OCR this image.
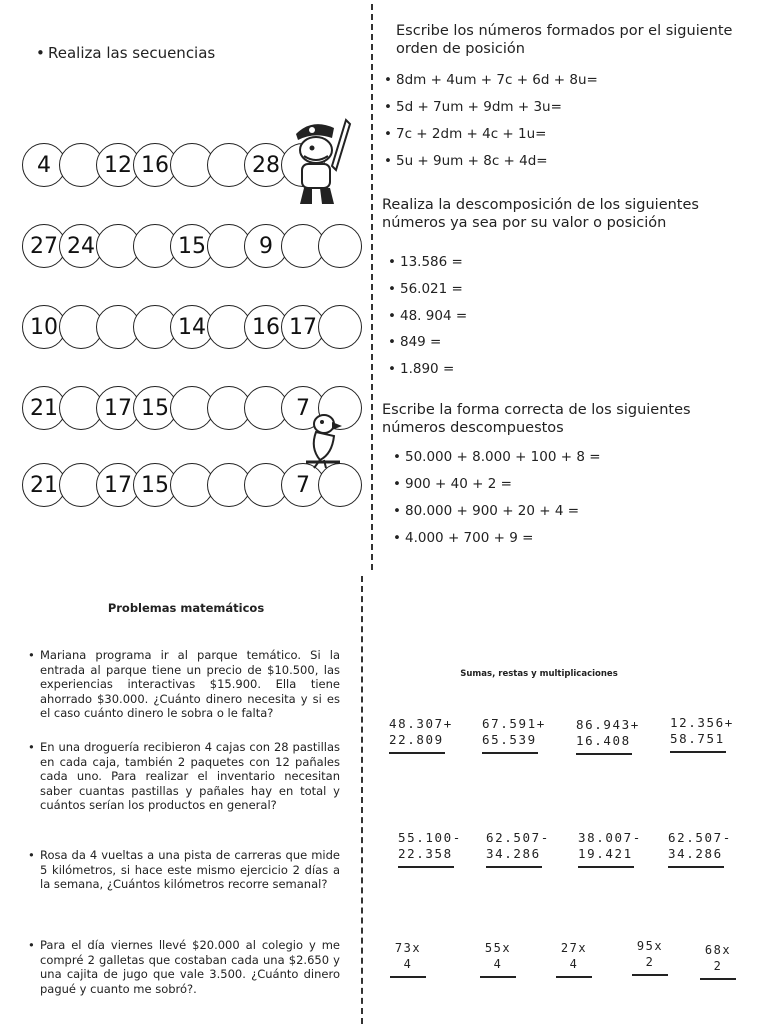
• Realiza las secuencias
4	12 16	28
27 24	15	9
10	14	16 17
21	17 15	7
21	17 15	7
Escribe los números formados por el siguiente orden de posición
• 8dm + 4um + 7c + 6d + 8u=
• 5d + 7um + 9dm + 3u=
• 7c + 2dm + 4c + 1u=
• 5u + 9um + 8c + 4d=
Realiza la descomposición de los siguientes números ya sea por su valor o posición
• 13.586 =
• 56.021 =
• 48. 904 =
• 849 =
• 1.890 =
Escribe la forma correcta de los siguientes números descompuestos
• 50.000 + 8.000 + 100 + 8 =
• 900 + 40 + 2 =
• 80.000 + 900 + 20 + 4 =
• 4.000 + 700 + 9 =
Problemas matemáticos
• Mariana programa ir al parque temático. Si la entrada al parque tiene un precio de $10.500, las experiencias interactivas $15.900. Ella tiene ahorrado $30.000. ¿Cuánto dinero necesita y si es el caso cuánto dinero le sobra o le falta?
• En una droguería recibieron 4 cajas con 28 pastillas en cada caja, también 2 paquetes con 12 pañales cada uno. Para realizar el inventario necesitan saber cuantas pastillas y pañales hay en total y cuántos serían los productos en general?
• Rosa da 4 vueltas a una pista de carreras que mide 5 kilómetros, si hace este mismo ejercicio 2 días a la semana, ¿Cuántos kilómetros recorre semanal?
• Para el día viernes llevé $20.000 al colegio y me compré 2 galletas que costaban cada una $2.650 y una cajita de jugo que vale 3.500. ¿Cuánto dinero pagué y cuanto me sobró?.
Sumas, restas y multiplicaciones
48.307+
22.809
67.591+
65.539
86.943+
16.408
12.356+
58.751
55.100-
22.358
62.507-
34.286
38.007-
19.421
62.507-
34.286
73x
4
55x
4
27x
4
95x
2
68x
2
